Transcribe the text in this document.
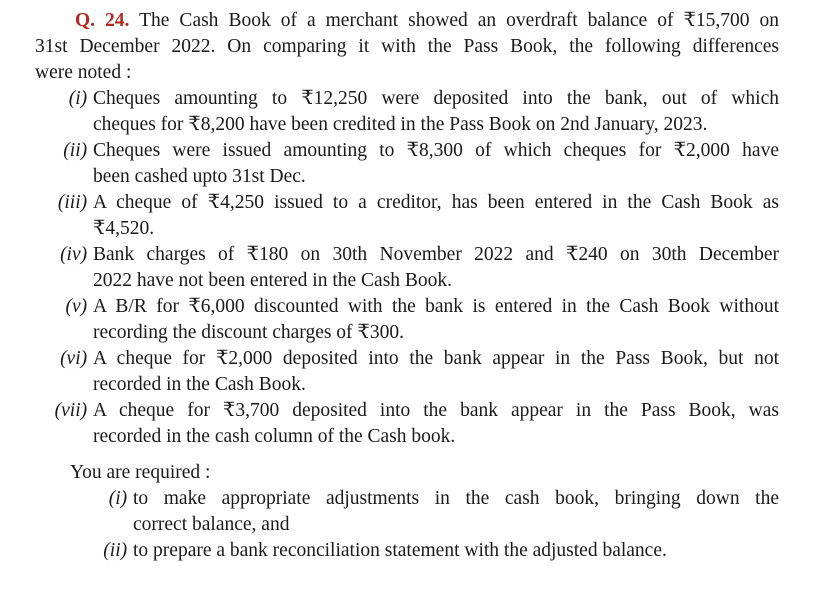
Q. 24. The Cash Book of a merchant showed an overdraft balance of ₹15,700 on
31st December 2022. On comparing it with the Pass Book, the following differences
were noted :
(i) Cheques amounting to ₹12,250 were deposited into the bank, out of which
cheques for ₹8,200 have been credited in the Pass Book on 2nd January, 2023.
(ii) Cheques were issued amounting to ₹8,300 of which cheques for ₹2,000 have
been cashed upto 31st Dec.
(iii) A cheque of ₹4,250 issued to a creditor, has been entered in the Cash Book as
₹4,520.
(iv) Bank charges of ₹180 on 30th November 2022 and ₹240 on 30th December
2022 have not been entered in the Cash Book.
(v) A B/R for ₹6,000 discounted with the bank is entered in the Cash Book without
recording the discount charges of ₹300.
(vi) A cheque for ₹2,000 deposited into the bank appear in the Pass Book, but not
recorded in the Cash Book.
(vii) A cheque for ₹3,700 deposited into the bank appear in the Pass Book, was
recorded in the cash column of the Cash book.
You are required :
(i) to make appropriate adjustments in the cash book, bringing down the
correct balance, and
(ii) to prepare a bank reconciliation statement with the adjusted balance.
